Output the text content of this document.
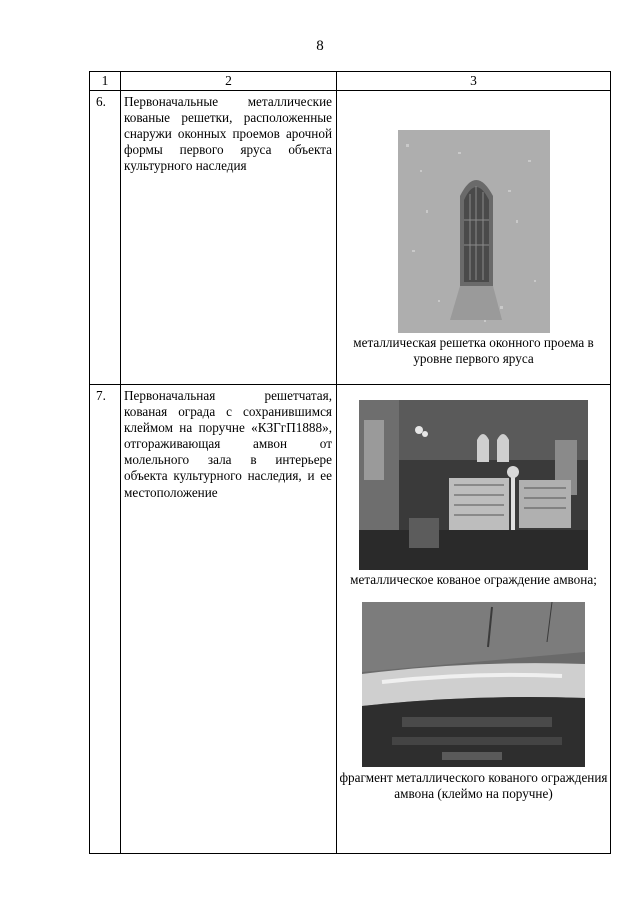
8
1	2	3
6.	Первоначальные металлические кованые решетки, расположенные снаружи оконных проемов арочной формы первого яруса объекта культурного наследия	металлическая решетка оконного проема в уровне первого яруса

7.	Первоначальная решетчатая, кованая ограда с сохранившимся клеймом на поручне «КЗГгП1888», отгораживающая амвон от молельного зала в интерьере объекта культурного наследия, и ее местоположение	металлическое кованое ограждение амвона;
фрагмент металлического кованого ограждения амвона (клеймо на поручне)
